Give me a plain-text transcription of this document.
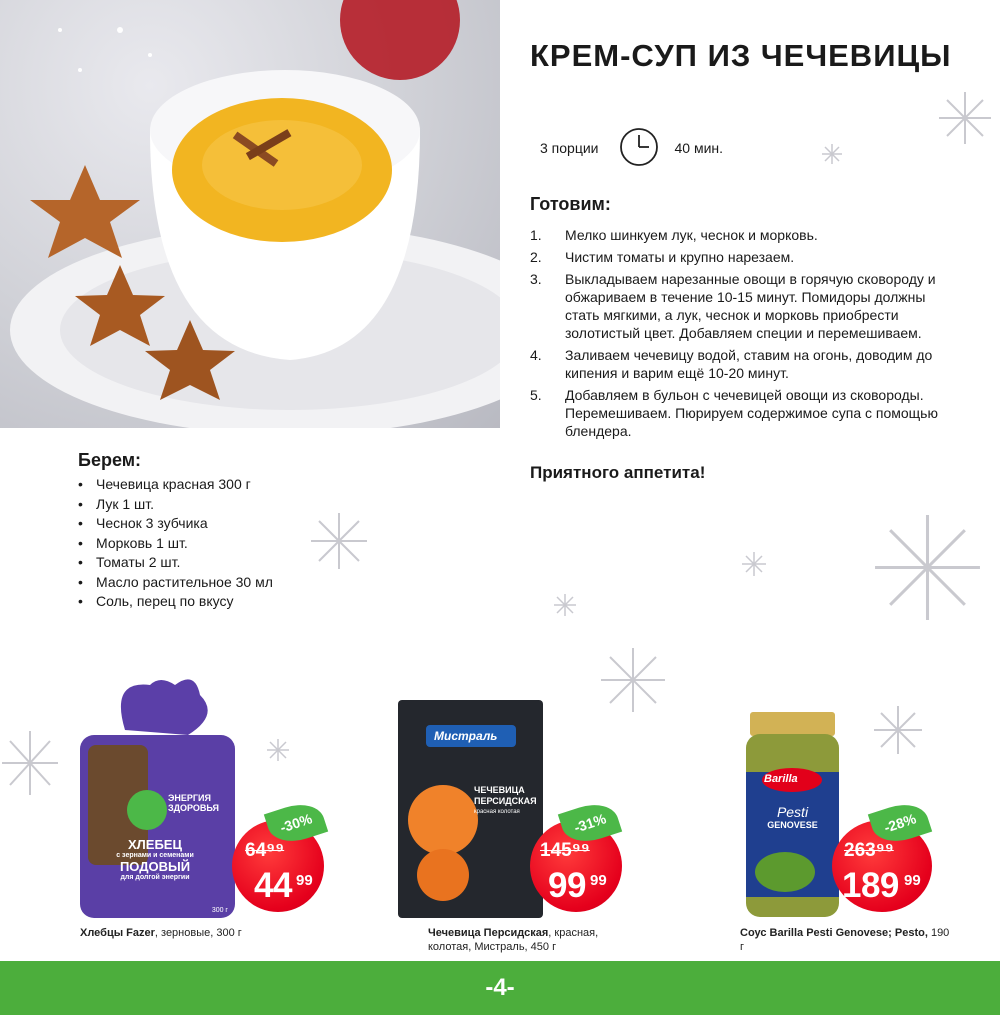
КРЕМ-СУП ИЗ ЧЕЧЕВИЦЫ
3 порции	40 мин.
Готовим:
1.	Мелко шинкуем лук, чеснок и морковь.
2.	Чистим томаты и крупно нарезаем.
3.	Выкладываем нарезанные овощи в горячую сковороду и обжариваем в течение 10-15 минут. Помидоры должны стать мягкими, а лук, чеснок и морковь приобрести золотистый цвет. Добавляем специи и перемешиваем.
4.	Заливаем чечевицу водой, ставим на огонь, доводим до кипения и варим ещё 10-20 минут.
5.	Добавляем в бульон с чечевицей овощи из сковороды. Перемешиваем. Пюрируем содержимое супа с помощью блендера.
Приятного аппетита!
Берем:
• Чечевица красная 300 г
• Лук 1 шт.
• Чеснок 3 зубчика
• Морковь 1 шт.
• Томаты 2 шт.
• Масло растительное 30 мл
• Соль, перец по вкусу
ЭНЕРГИЯ
ЗДОРОВЬЯ
ХЛЕБЕЦ
с зернами и семенами
ПОДОВЫЙ
для долгой энергии
300 г
64⁹⁹
44 99
-30%
Хлебцы Fazer, зерновые, 300 г
Мистраль
ЧЕЧЕВИЦА
ПЕРСИДСКАЯ
красная колотая
145⁹⁹
99 99
-31%
Чечевица Персидская, красная, колотая, Мистраль, 450 г
Barilla
Pesti
GENOVESE
263⁹⁹
189 99
-28%
Соус Barilla Pesti Genovese; Pesto, 190 г
-4-
